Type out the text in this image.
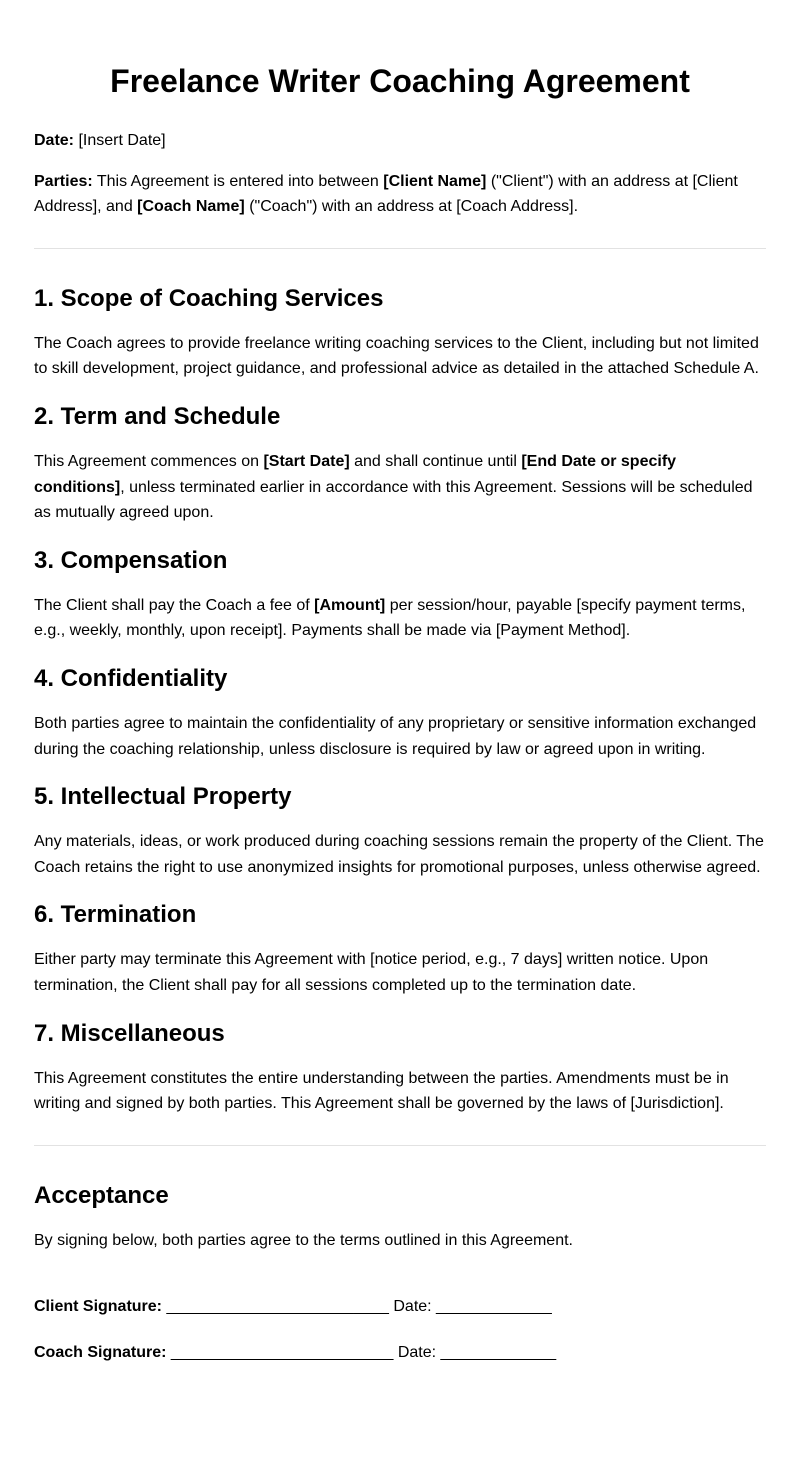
Freelance Writer Coaching Agreement

Date: [Insert Date]

Parties: This Agreement is entered into between [Client Name] ("Client") with an address at [Client Address], and [Coach Name] ("Coach") with an address at [Coach Address].

1. Scope of Coaching Services

The Coach agrees to provide freelance writing coaching services to the Client, including but not limited to skill development, project guidance, and professional advice as detailed in the attached Schedule A.

2. Term and Schedule

This Agreement commences on [Start Date] and shall continue until [End Date or specify conditions], unless terminated earlier in accordance with this Agreement. Sessions will be scheduled as mutually agreed upon.

3. Compensation

The Client shall pay the Coach a fee of [Amount] per session/hour, payable [specify payment terms, e.g., weekly, monthly, upon receipt]. Payments shall be made via [Payment Method].

4. Confidentiality

Both parties agree to maintain the confidentiality of any proprietary or sensitive information exchanged during the coaching relationship, unless disclosure is required by law or agreed upon in writing.

5. Intellectual Property

Any materials, ideas, or work produced during coaching sessions remain the property of the Client. The Coach retains the right to use anonymized insights for promotional purposes, unless otherwise agreed.

6. Termination

Either party may terminate this Agreement with [notice period, e.g., 7 days] written notice. Upon termination, the Client shall pay for all sessions completed up to the termination date.

7. Miscellaneous

This Agreement constitutes the entire understanding between the parties. Amendments must be in writing and signed by both parties. This Agreement shall be governed by the laws of [Jurisdiction].

Acceptance

By signing below, both parties agree to the terms outlined in this Agreement.

Client Signature: _________________________ Date: _____________

Coach Signature: _________________________ Date: _____________
